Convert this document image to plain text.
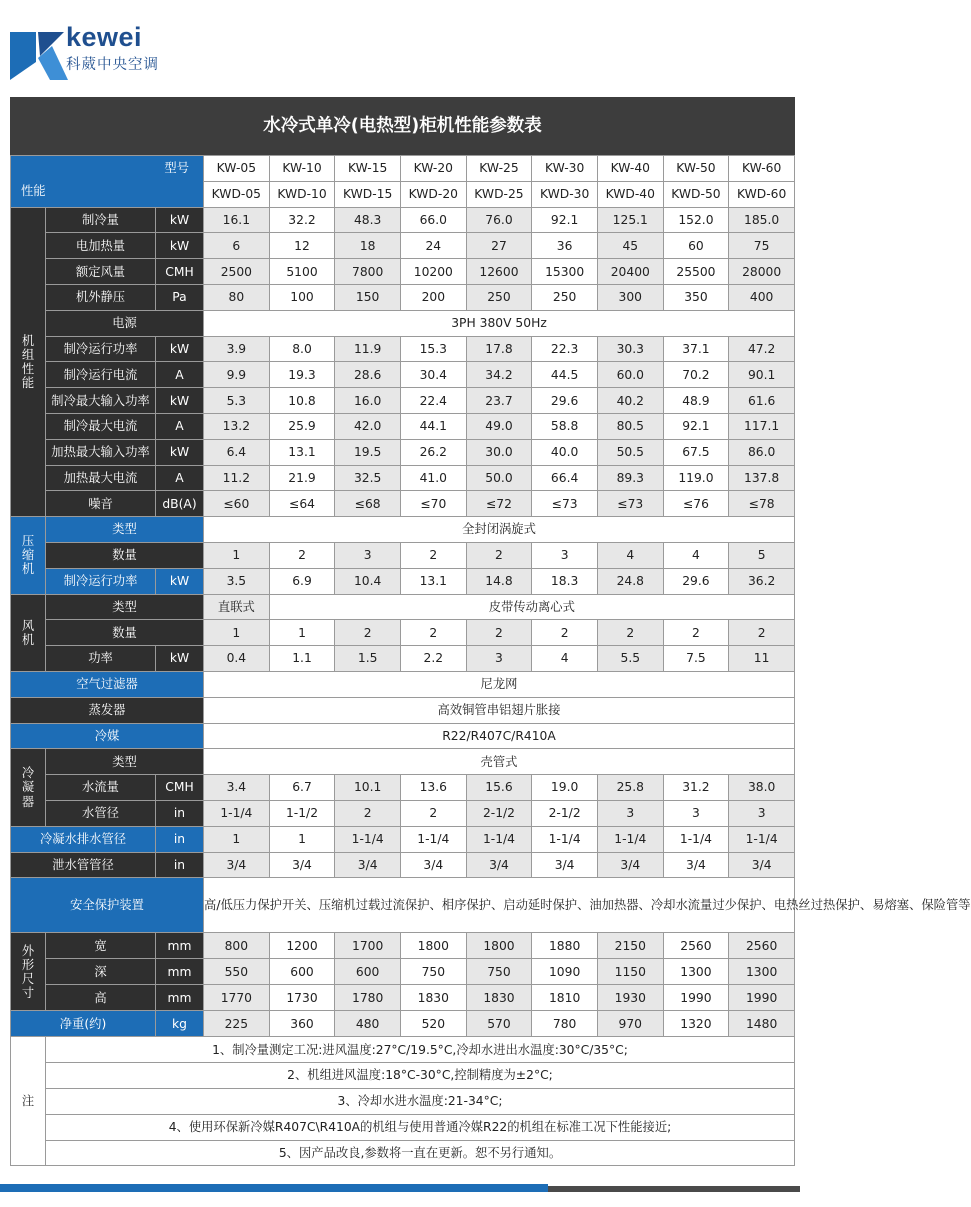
kewei
科葳中央空调
水冷式单冷(电热型)柜机性能参数表
型号
性能			KW-05	KW-10	KW-15	KW-20	KW-25	KW-30	KW-40	KW-50	KW-60
			KWD-05	KWD-10	KWD-15	KWD-20	KWD-25	KWD-30	KWD-40	KWD-50	KWD-60
机组性能	制冷量	kW	16.1	32.2	48.3	66.0	76.0	92.1	125.1	152.0	185.0
	电加热量	kW	6	12	18	24	27	36	45	60	75
	额定风量	CMH	2500	5100	7800	10200	12600	15300	20400	25500	28000
	机外静压	Pa	80	100	150	200	250	250	300	350	400
	电源		3PH 380V 50Hz								
	制冷运行功率	kW	3.9	8.0	11.9	15.3	17.8	22.3	30.3	37.1	47.2
	制冷运行电流	A	9.9	19.3	28.6	30.4	34.2	44.5	60.0	70.2	90.1
	制冷最大输入功率	kW	5.3	10.8	16.0	22.4	23.7	29.6	40.2	48.9	61.6
	制冷最大电流	A	13.2	25.9	42.0	44.1	49.0	58.8	80.5	92.1	117.1
	加热最大输入功率	kW	6.4	13.1	19.5	26.2	30.0	40.0	50.5	67.5	86.0
	加热最大电流	A	11.2	21.9	32.5	41.0	50.0	66.4	89.3	119.0	137.8
	噪音	dB(A)	≤60	≤64	≤68	≤70	≤72	≤73	≤73	≤76	≤78
压缩机	类型		全封闭涡旋式								
	数量		1	2	3	2	2	3	4	4	5
	制冷运行功率	kW	3.5	6.9	10.4	13.1	14.8	18.3	24.8	29.6	36.2
风机	类型		直联式	皮带传动离心式							
	数量		1	1	2	2	2	2	2	2	2
	功率	kW	0.4	1.1	1.5	2.2	3	4	5.5	7.5	11
空气过滤器			尼龙网								
蒸发器			高效铜管串铝翅片胀接								
冷媒			R22/R407C/R410A								
冷凝器	类型		壳管式								
	水流量	CMH	3.4	6.7	10.1	13.6	15.6	19.0	25.8	31.2	38.0
	水管径	in	1-1/4	1-1/2	2	2	2-1/2	2-1/2	3	3	3
冷凝水排水管径		in	1	1	1-1/4	1-1/4	1-1/4	1-1/4	1-1/4	1-1/4	1-1/4
泄水管管径		in	3/4	3/4	3/4	3/4	3/4	3/4	3/4	3/4	3/4
安全保护装置			高/低压力保护开关、压缩机过载过流保护、相序保护、启动延时保护、油加热器、冷却水流量过少保护、电热丝过热保护、易熔塞、保险管等								
外形尺寸	宽	mm	800	1200	1700	1800	1800	1880	2150	2560	2560
	深	mm	550	600	600	750	750	1090	1150	1300	1300
	高	mm	1770	1730	1780	1830	1830	1810	1930	1990	1990
净重(约)		kg	225	360	480	520	570	780	970	1320	1480
注	1、制冷量测定工况:进风温度:27°C/19.5°C,冷却水进出水温度:30°C/35°C;										
	2、机组进风温度:18°C-30°C,控制精度为±2°C;										
	3、冷却水进水温度:21-34°C;										
	4、使用环保新冷媒R407C\R410A的机组与使用普通冷媒R22的机组在标准工况下性能接近;										
	5、因产品改良,参数将一直在更新。恕不另行通知。										
